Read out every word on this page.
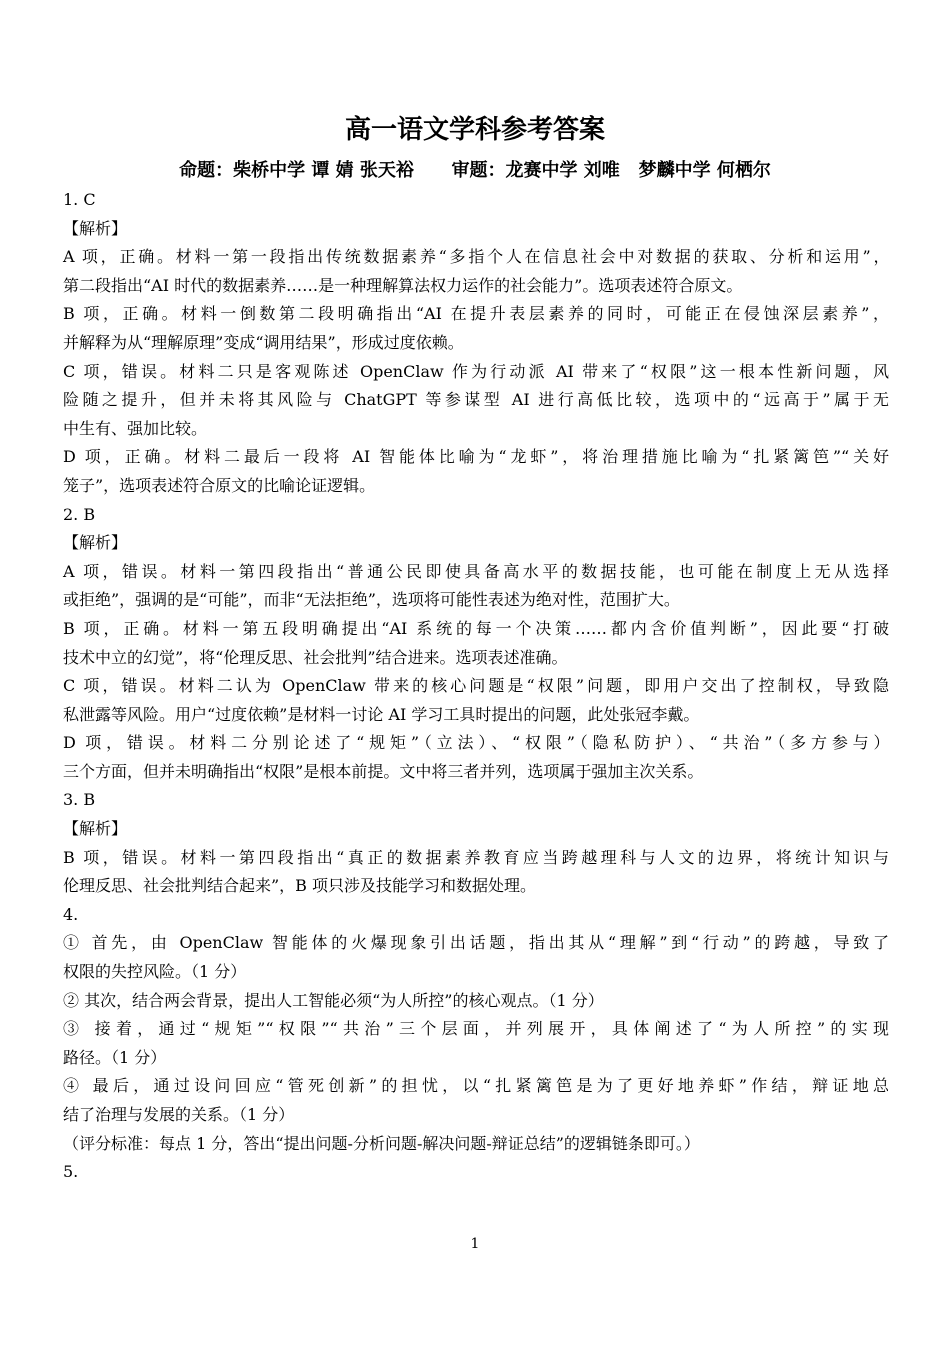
高一语文学科参考答案
命题：柴桥中学 谭 婧 张天裕      审题：龙赛中学 刘唯   梦麟中学 何栖尔
1. C
【解析】
A 项，正确。材料一第一段指出传统数据素养“多指个人在信息社会中对数据的获取、分析和运用”，
第二段指出“AI 时代的数据素养……是一种理解算法权力运作的社会能力”。选项表述符合原文。
B 项，正确。材料一倒数第二段明确指出“AI 在提升表层素养的同时，可能正在侵蚀深层素养”，
并解释为从“理解原理”变成“调用结果”，形成过度依赖。
C 项，错误。材料二只是客观陈述 OpenClaw 作为行动派 AI 带来了“权限”这一根本性新问题，风
险随之提升，但并未将其风险与 ChatGPT 等参谋型 AI 进行高低比较，选项中的“远高于”属于无
中生有、强加比较。
D 项，正确。材料二最后一段将 AI 智能体比喻为“龙虾”，将治理措施比喻为“扎紧篱笆”“关好
笼子”，选项表述符合原文的比喻论证逻辑。
2. B
【解析】
A 项，错误。材料一第四段指出“普通公民即使具备高水平的数据技能，也可能在制度上无从选择
或拒绝”，强调的是“可能”，而非“无法拒绝”，选项将可能性表述为绝对性，范围扩大。
B 项，正确。材料一第五段明确提出“AI 系统的每一个决策……都内含价值判断”，因此要“打破
技术中立的幻觉”，将“伦理反思、社会批判”结合进来。选项表述准确。
C 项，错误。材料二认为 OpenClaw 带来的核心问题是“权限”问题，即用户交出了控制权，导致隐
私泄露等风险。用户“过度依赖”是材料一讨论 AI 学习工具时提出的问题，此处张冠李戴。
D 项，错误。材料二分别论述了“规矩”（立法）、“权限”（隐私防护）、“共治”（多方参与）
三个方面，但并未明确指出“权限”是根本前提。文中将三者并列，选项属于强加主次关系。
3. B
【解析】
B 项，错误。材料一第四段指出“真正的数据素养教育应当跨越理科与人文的边界，将统计知识与
伦理反思、社会批判结合起来”，B 项只涉及技能学习和数据处理。
4.
① 首先，由 OpenClaw 智能体的火爆现象引出话题，指出其从“理解”到“行动”的跨越，导致了
权限的失控风险。（1 分）
② 其次，结合两会背景，提出人工智能必须“为人所控”的核心观点。（1 分）
③ 接着，通过“规矩”“权限”“共治”三个层面，并列展开，具体阐述了“为人所控”的实现
路径。（1 分）
④ 最后，通过设问回应“管死创新”的担忧，以“扎紧篱笆是为了更好地养虾”作结，辩证地总
结了治理与发展的关系。（1 分）
（评分标准：每点 1 分，答出“提出问题-分析问题-解决问题-辩证总结”的逻辑链条即可。）
5.
1
